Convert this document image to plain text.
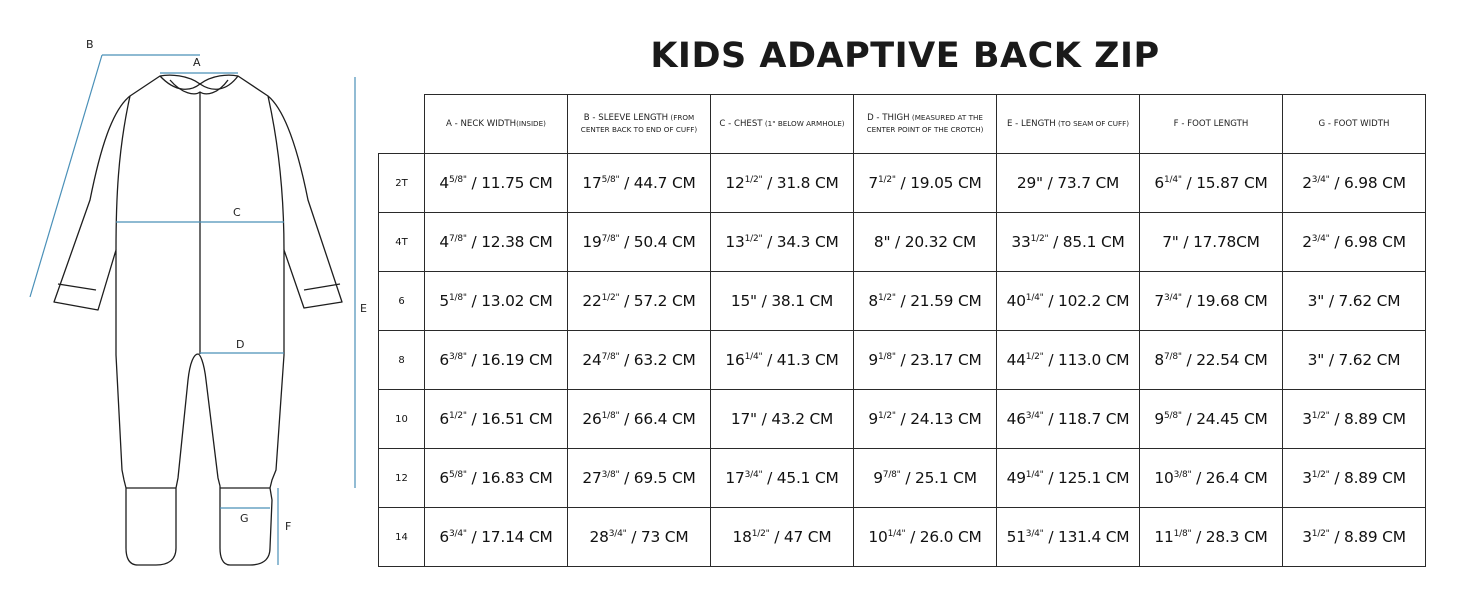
B
A
C
D
E
G
F
KIDS ADAPTIVE BACK ZIP
	A - NECK WIDTH(INSIDE)	B - SLEEVE LENGTH (FROM CENTER BACK TO END OF CUFF)	C - CHEST (1" BELOW ARMHOLE)	D - THIGH (MEASURED AT THE CENTER POINT OF THE CROTCH)	E - LENGTH (TO SEAM OF CUFF)	F - FOOT LENGTH	G - FOOT WIDTH
2T	$4^{5/8"} / 11.75$ CM	$17^{5/8"} / 44.7$ CM	$12^{1/2"} / 31.8$ CM	$7^{1/2"} / 19.05$ CM	29" / 73.7 CM	$6^{1/4"} / 15.87$ CM	$2^{3/4"} / 6.98$ CM
4T	$4^{7/8"} / 12.38$ CM	$19^{7/8"} / 50.4$ CM	$13^{1/2"} / 34.3$ CM	8" / 20.32 CM	$33^{1/2"} / 85.1$ CM	7" / 17.78CM	$2^{3/4"} / 6.98$ CM
6	$5^{1/8"} / 13.02$ CM	$22^{1/2"} / 57.2$ CM	15" / 38.1 CM	$8^{1/2"} / 21.59$ CM	$40^{1/4"} / 102.2$ CM	$7^{3/4"} / 19.68$ CM	3" / 7.62 CM
8	$6^{3/8"} / 16.19$ CM	$24^{7/8"} / 63.2$ CM	$16^{1/4"} / 41.3$ CM	$9^{1/8"} / 23.17$ CM	$44^{1/2"} / 113.0$ CM	$8^{7/8"} / 22.54$ CM	3" / 7.62 CM
10	$6^{1/2"} / 16.51$ CM	$26^{1/8"} / 66.4$ CM	17" / 43.2 CM	$9^{1/2"} / 24.13$ CM	$46^{3/4"} / 118.7$ CM	$9^{5/8"} / 24.45$ CM	$3^{1/2"} / 8.89$ CM
12	$6^{5/8"} / 16.83$ CM	$27^{3/8"} / 69.5$ CM	$17^{3/4"} / 45.1$ CM	$9^{7/8"} / 25.1$ CM	$49^{1/4"} / 125.1$ CM	$10^{3/8"} / 26.4$ CM	$3^{1/2"} / 8.89$ CM
14	$6^{3/4"} / 17.14$ CM	$28^{3/4"} / 73$ CM	$18^{1/2"} / 47$ CM	$10^{1/4"} / 26.0$ CM	$51^{3/4"} / 131.4$ CM	$11^{1/8"} / 28.3$ CM	$3^{1/2"} / 8.89$ CM
